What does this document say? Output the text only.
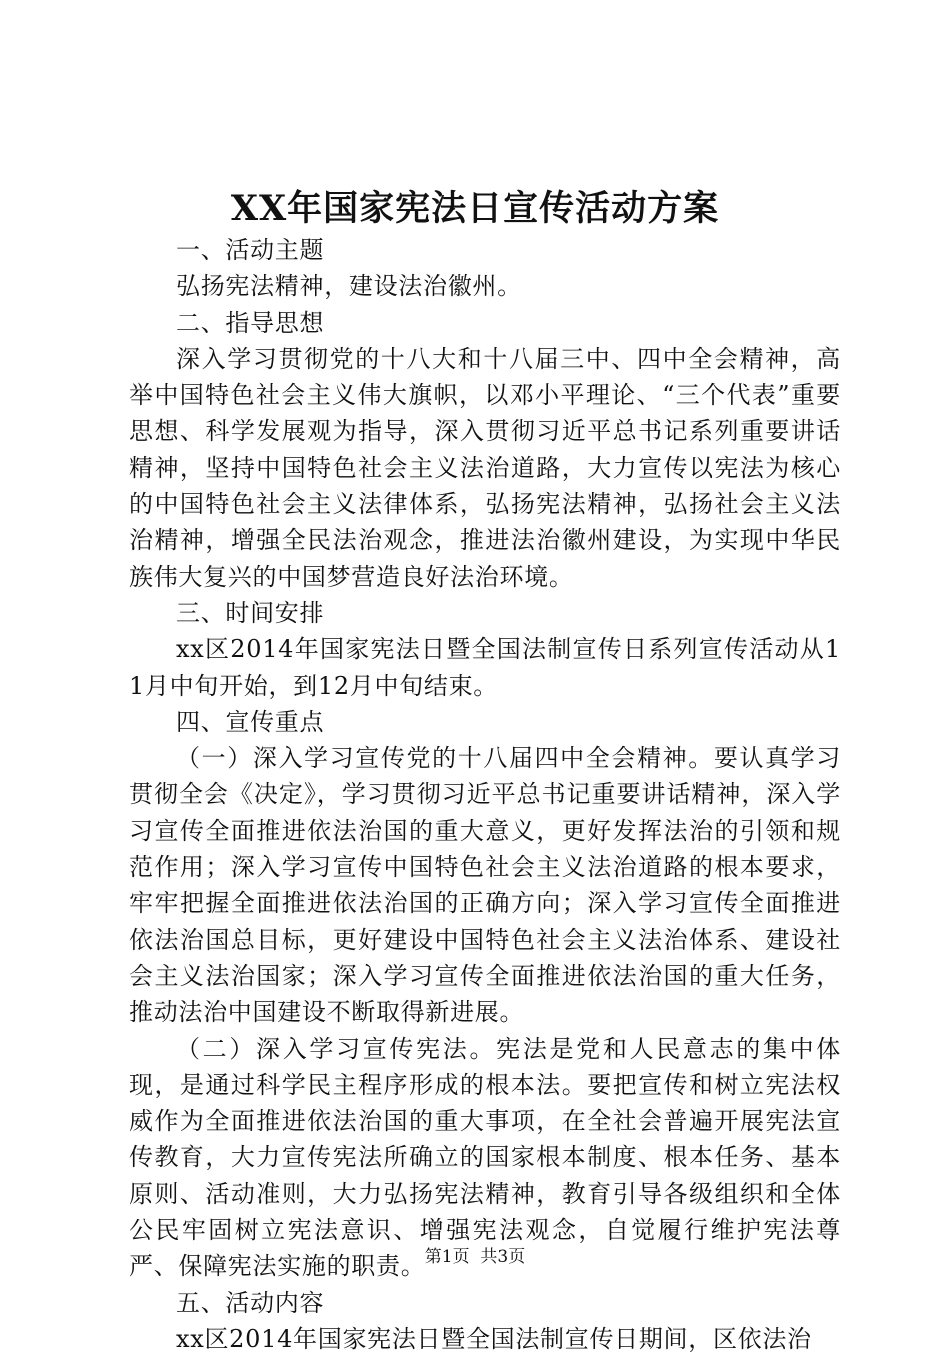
XX年国家宪法日宣传活动方案

一、活动主题

弘扬宪法精神，建设法治徽州。

二、指导思想

深入学习贯彻党的十八大和十八届三中、四中全会精神，高举中国特色社会主义伟大旗帜，以邓小平理论、“三个代表”重要思想、科学发展观为指导，深入贯彻习近平总书记系列重要讲话精神，坚持中国特色社会主义法治道路，大力宣传以宪法为核心的中国特色社会主义法律体系，弘扬宪法精神，弘扬社会主义法治精神，增强全民法治观念，推进法治徽州建设，为实现中华民族伟大复兴的中国梦营造良好法治环境。

三、时间安排

xx区2014年国家宪法日暨全国法制宣传日系列宣传活动从11月中旬开始，到12月中旬结束。

四、宣传重点

（一）深入学习宣传党的十八届四中全会精神。要认真学习贯彻全会《决定》，学习贯彻习近平总书记重要讲话精神，深入学习宣传全面推进依法治国的重大意义，更好发挥法治的引领和规范作用；深入学习宣传中国特色社会主义法治道路的根本要求，牢牢把握全面推进依法治国的正确方向；深入学习宣传全面推进依法治国总目标，更好建设中国特色社会主义法治体系、建设社会主义法治国家；深入学习宣传全面推进依法治国的重大任务，推动法治中国建设不断取得新进展。

（二）深入学习宣传宪法。宪法是党和人民意志的集中体现，是通过科学民主程序形成的根本法。要把宣传和树立宪法权威作为全面推进依法治国的重大事项，在全社会普遍开展宪法宣传教育，大力宣传宪法所确立的国家根本制度、根本任务、基本原则、活动准则，大力弘扬宪法精神，教育引导各级组织和全体公民牢固树立宪法意识、增强宪法观念，自觉履行维护宪法尊严、保障宪法实施的职责。

五、活动内容

xx区2014年国家宪法日暨全国法制宣传日期间，区依法治

第1页  共3页
